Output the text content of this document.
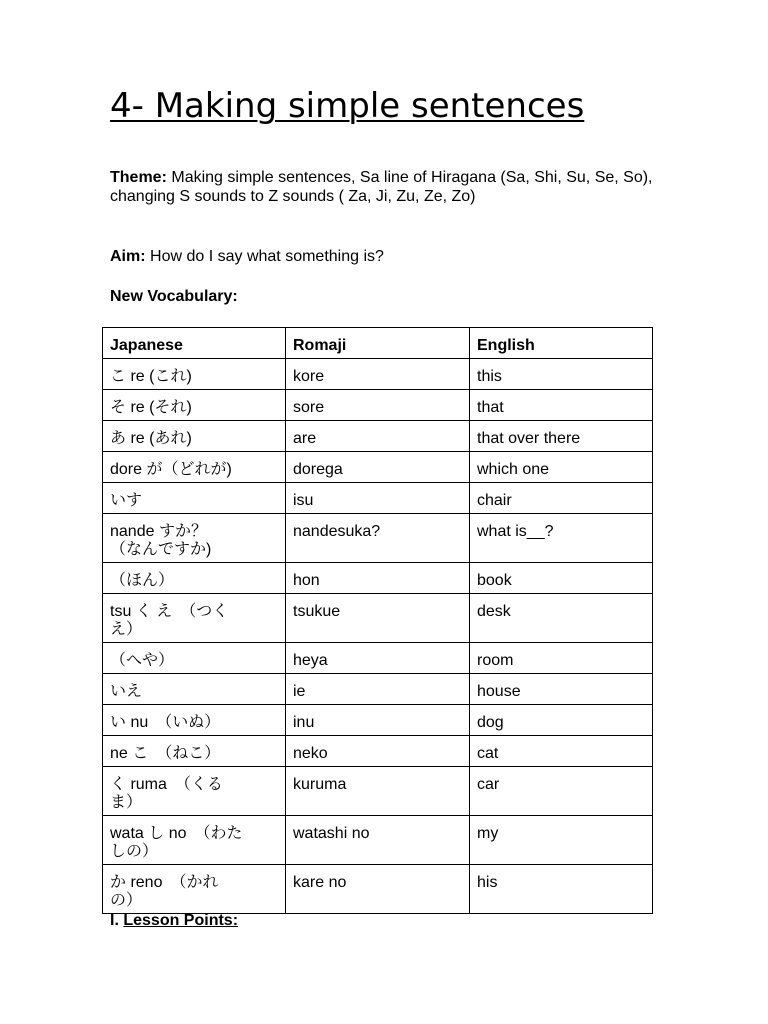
4- Making simple sentences
Theme: Making simple sentences, Sa line of Hiragana (Sa, Shi, Su, Se, So),
changing S sounds to Z sounds ( Za, Ji, Zu, Ze, Zo)
Aim: How do I say what something is?
New Vocabulary:
Japanese	Romaji	English
こ re (これ)	kore	this
そ re (それ)	sore	that
あ re (あれ)	are	that over there
dore が（どれが)	dorega	which one
いす	isu	chair
nande すか？
（なんですか)	nandesuka?	what is__?
（ほん）	hon	book
tsu く え　（つく
え）	tsukue	desk
（へや）	heya	room
いえ	ie	house
い nu　（いぬ）	inu	dog
ne こ　（ねこ）	neko	cat
く ruma　（くる
ま）	kuruma	car
wata し no　（わた
しの）	watashi no	my
か reno　（かれ
の）	kare no	his
I. Lesson Points:
